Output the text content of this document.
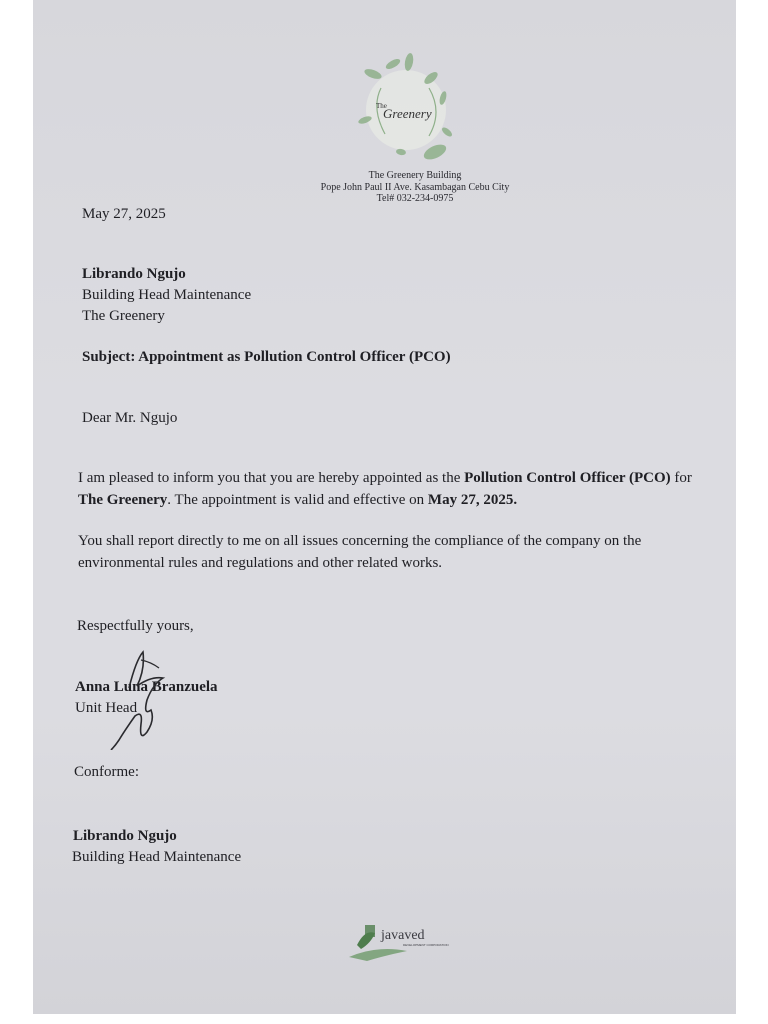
The
Greenery
The Greenery Building
Pope John Paul II Ave. Kasambagan Cebu City
Tel# 032-234-0975
May 27, 2025
Librando Ngujo
Building Head Maintenance
The Greenery
Subject: Appointment as Pollution Control Officer (PCO)
Dear Mr. Ngujo
I am pleased to inform you that you are hereby appointed as the Pollution Control Officer (PCO) for The Greenery. The appointment is valid and effective on May 27, 2025.
You shall report directly to me on all issues concerning the compliance of the company on the environmental rules and regulations and other related works.
Respectfully yours,
Anna Luna Branzuela
Unit Head
Conforme:
Librando Ngujo
Building Head Maintenance
javaved
DEVELOPMENT CORPORATION
